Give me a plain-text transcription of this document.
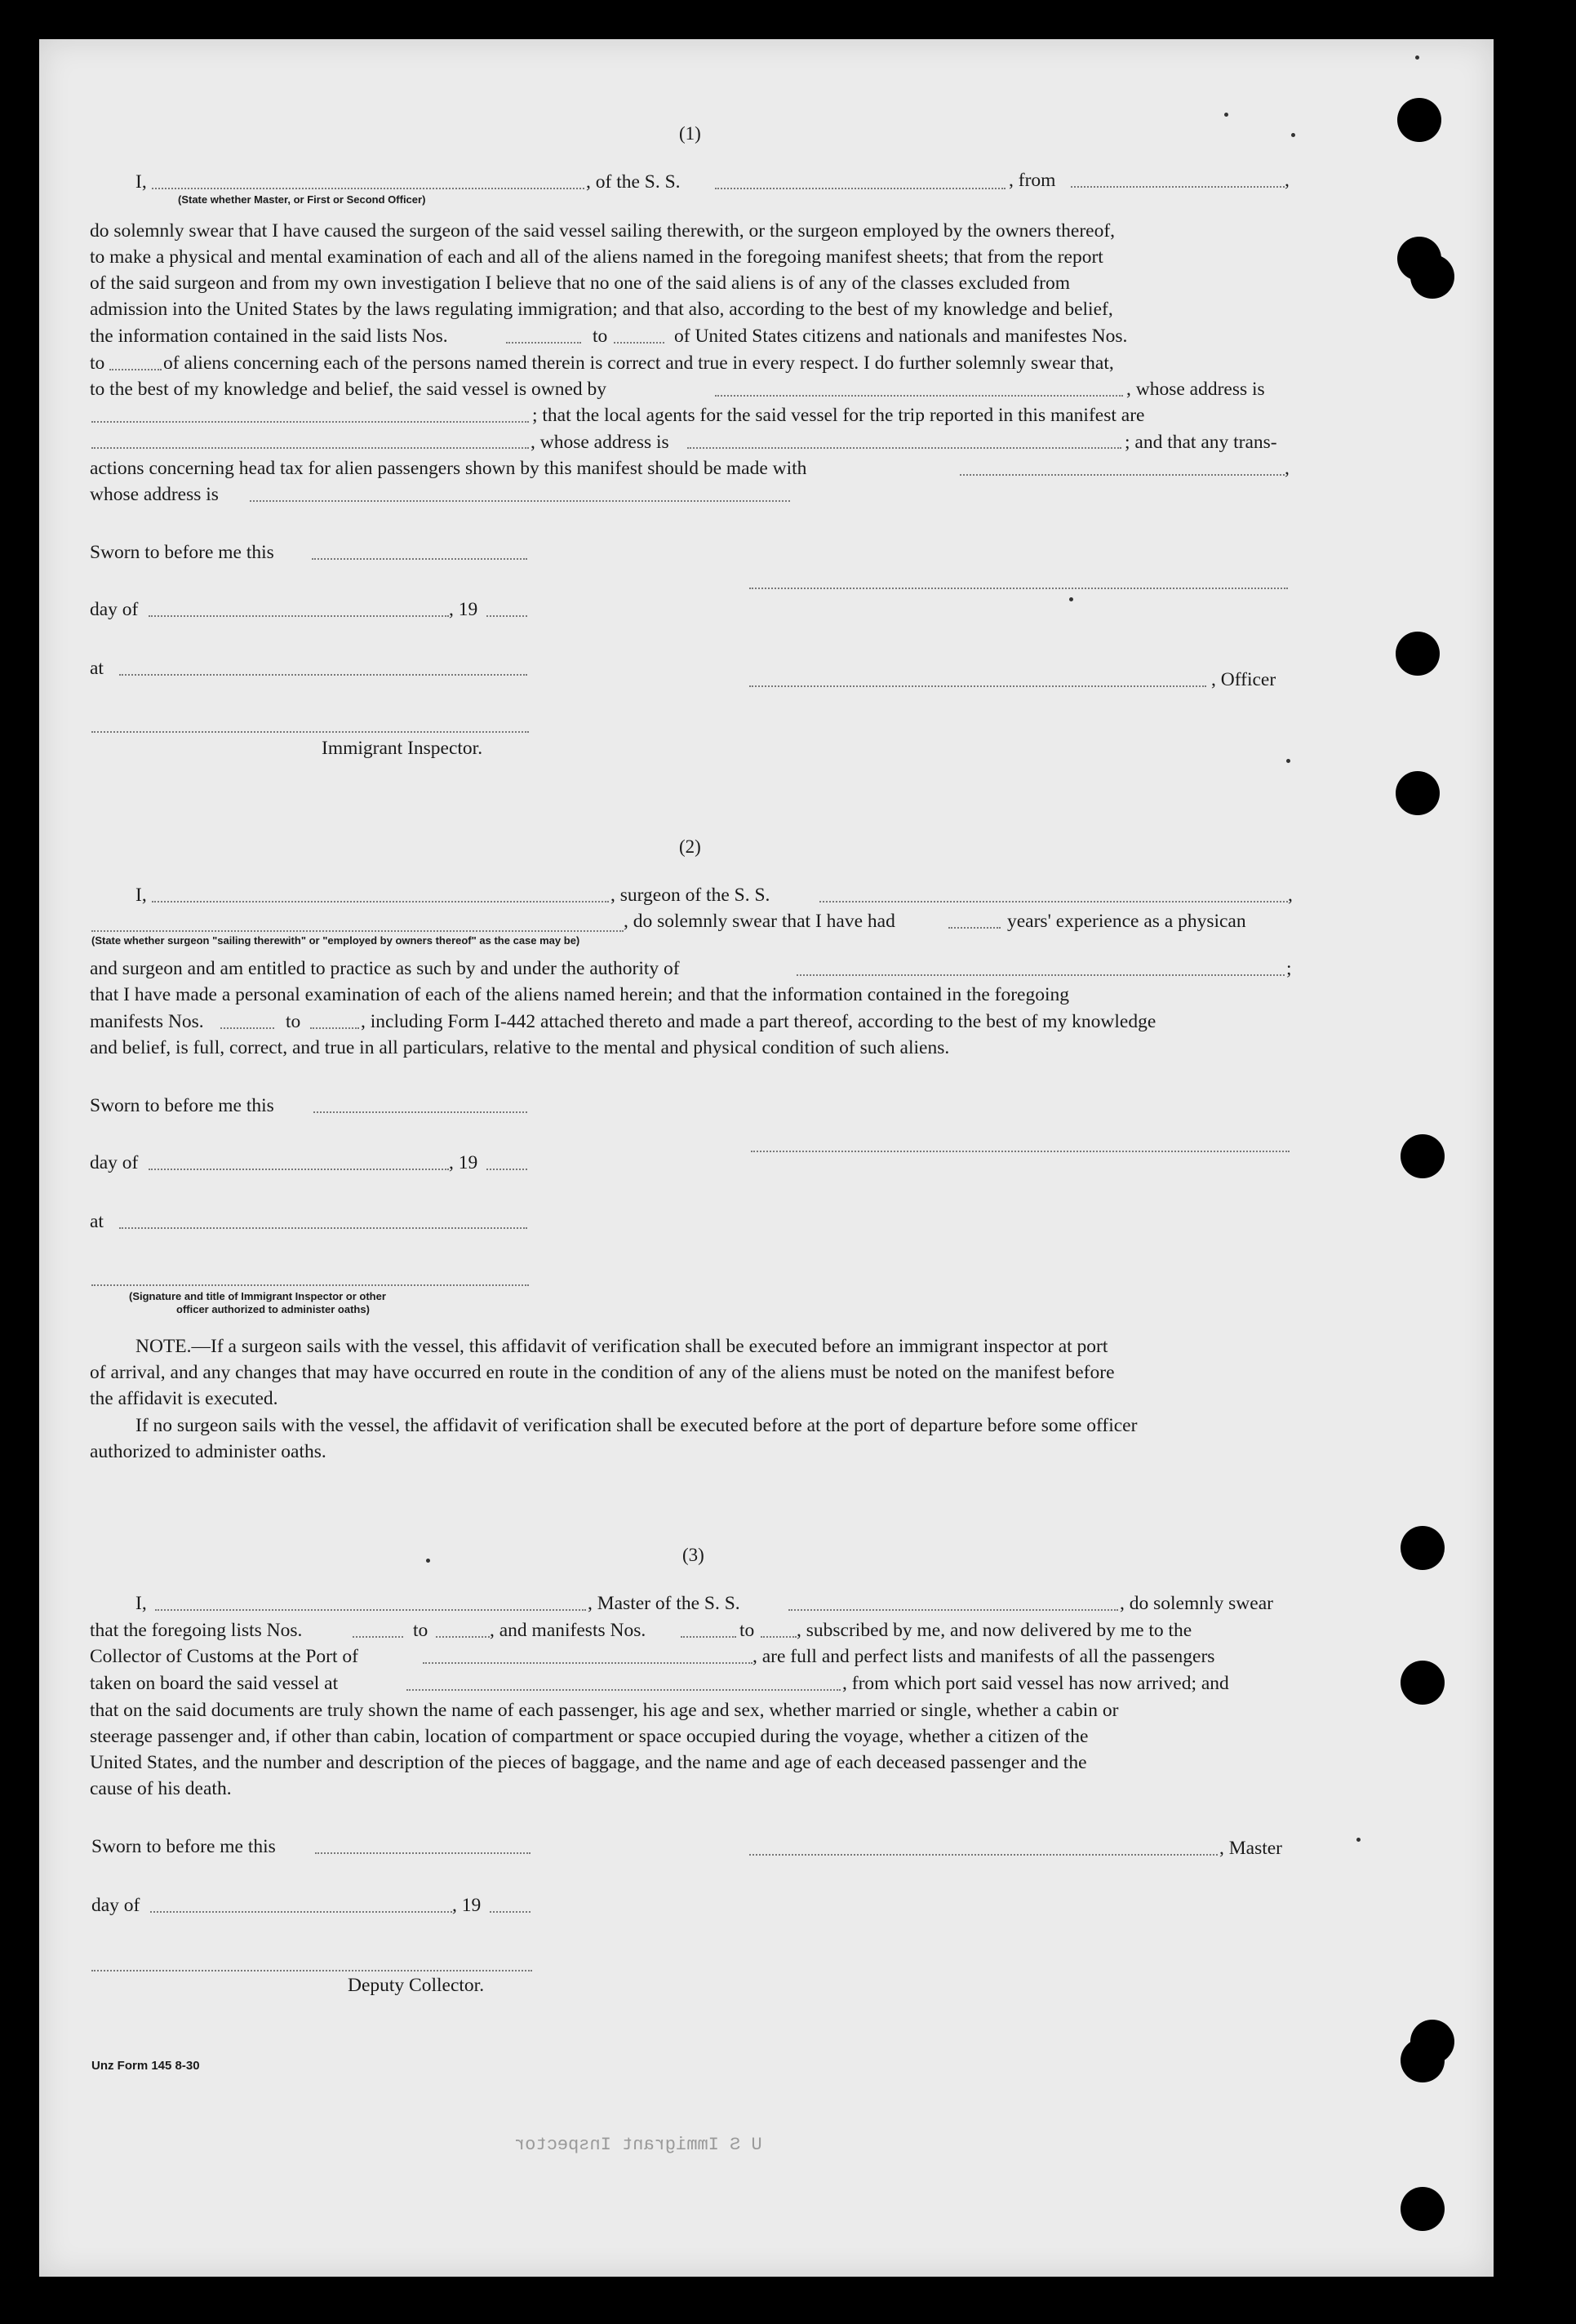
(1)
I,	, of the S. S.	, from	,
(State whether Master, or First or Second Officer)
do solemnly swear that I have caused the surgeon of the said vessel sailing therewith, or the surgeon employed by the owners thereof,
to make a physical and mental examination of each and all of the aliens named in the foregoing manifest sheets; that from the report
of the said surgeon and from my own investigation I believe that no one of the said aliens is of any of the classes excluded from
admission into the United States by the laws regulating immigration; and that also, according to the best of my knowledge and belief,
the information contained in the said lists Nos.	to	of United States citizens and nationals and manifestes Nos.
to	of aliens concerning each of the persons named therein is correct and true in every respect. I do further solemnly swear that,
to the best of my knowledge and belief, the said vessel is owned by	, whose address is
; that the local agents for the said vessel for the trip reported in this manifest are
, whose address is	; and that any trans-
actions concerning head tax for alien passengers shown by this manifest should be made with	,
whose address is
Sworn to before me this
day of	, 19
at
, Officer
Immigrant Inspector.
(2)
I,	, surgeon of the S. S.	,
, do solemnly swear that I have had	years' experience as a physican
(State whether surgeon "sailing therewith" or "employed by owners thereof" as the case may be)
and surgeon and am entitled to practice as such by and under the authority of	;
that I have made a personal examination of each of the aliens named herein; and that the information contained in the foregoing
manifests Nos.	to	, including Form I-442 attached thereto and made a part thereof, according to the best of my knowledge
and belief, is full, correct, and true in all particulars, relative to the mental and physical condition of such aliens.
Sworn to before me this
day of	, 19
at
(Signature and title of Immigrant Inspector or other
officer authorized to administer oaths)
NOTE.—If a surgeon sails with the vessel, this affidavit of verification shall be executed before an immigrant inspector at port
of arrival, and any changes that may have occurred en route in the condition of any of the aliens must be noted on the manifest before
the affidavit is executed.
If no surgeon sails with the vessel, the affidavit of verification shall be executed before at the port of departure before some officer
authorized to administer oaths.
(3)
I,	, Master of the S. S.	, do solemnly swear
that the foregoing lists Nos.	to	, and manifests Nos.	to , subscribed by me, and now delivered by me to the
Collector of Customs at the Port of	, are full and perfect lists and manifests of all the passengers
taken on board the said vessel at	, from which port said vessel has now arrived; and
that on the said documents are truly shown the name of each passenger, his age and sex, whether married or single, whether a cabin or
steerage passenger and, if other than cabin, location of compartment or space occupied during the voyage, whether a citizen of the
United States, and the number and description of the pieces of baggage, and the name and age of each deceased passenger and the
cause of his death.
Sworn to before me this	, Master
day of	, 19
Deputy Collector.
Unz Form 145 8-30
U S Immigrant Inspector
